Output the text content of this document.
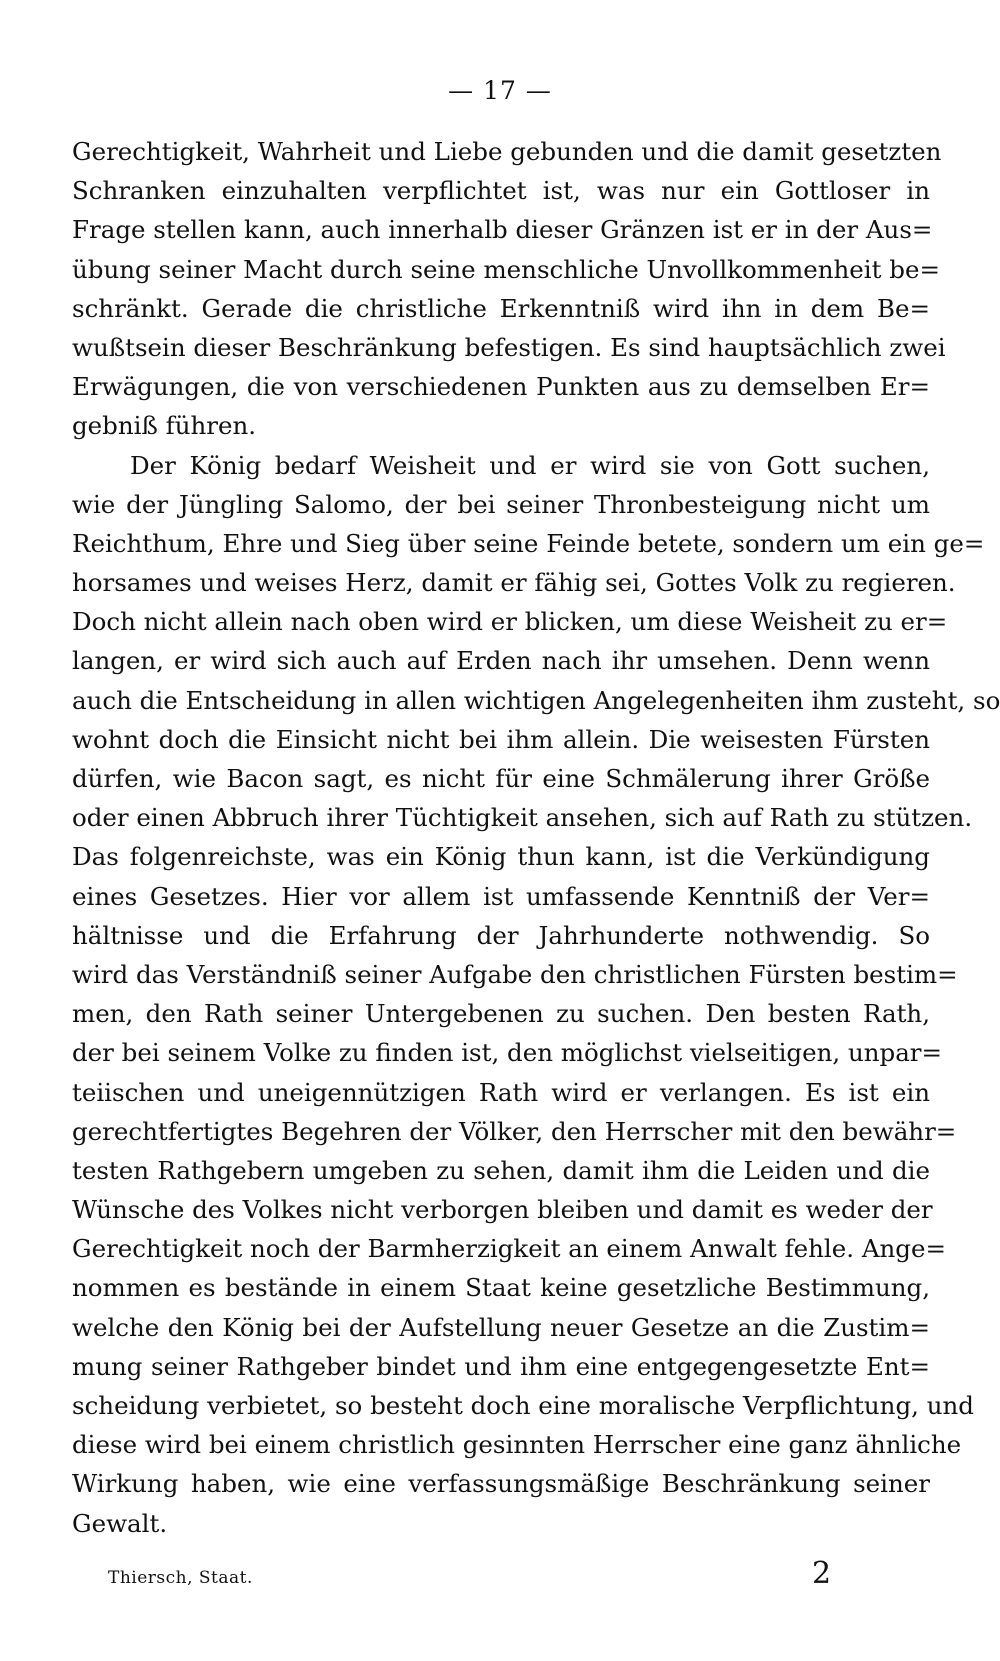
— 17 —
Gerechtigkeit, Wahrheit und Liebe gebunden und die damit gesetzten
Schranken einzuhalten verpflichtet ist, was nur ein Gottloser in
Frage stellen kann, auch innerhalb dieser Gränzen ist er in der Aus=
übung seiner Macht durch seine menschliche Unvollkommenheit be=
schränkt. Gerade die christliche Erkenntniß wird ihn in dem Be=
wußtsein dieser Beschränkung befestigen. Es sind hauptsächlich zwei
Erwägungen, die von verschiedenen Punkten aus zu demselben Er=
gebniß führen.
Der König bedarf Weisheit und er wird sie von Gott suchen,
wie der Jüngling Salomo, der bei seiner Thronbesteigung nicht um
Reichthum, Ehre und Sieg über seine Feinde betete, sondern um ein ge=
horsames und weises Herz, damit er fähig sei, Gottes Volk zu regieren.
Doch nicht allein nach oben wird er blicken, um diese Weisheit zu er=
langen, er wird sich auch auf Erden nach ihr umsehen. Denn wenn
auch die Entscheidung in allen wichtigen Angelegenheiten ihm zusteht, so
wohnt doch die Einsicht nicht bei ihm allein. Die weisesten Fürsten
dürfen, wie Bacon sagt, es nicht für eine Schmälerung ihrer Größe
oder einen Abbruch ihrer Tüchtigkeit ansehen, sich auf Rath zu stützen.
Das folgenreichste, was ein König thun kann, ist die Verkündigung
eines Gesetzes. Hier vor allem ist umfassende Kenntniß der Ver=
hältnisse und die Erfahrung der Jahrhunderte nothwendig. So
wird das Verständniß seiner Aufgabe den christlichen Fürsten bestim=
men, den Rath seiner Untergebenen zu suchen. Den besten Rath,
der bei seinem Volke zu finden ist, den möglichst vielseitigen, unpar=
teiischen und uneigennützigen Rath wird er verlangen. Es ist ein
gerechtfertigtes Begehren der Völker, den Herrscher mit den bewähr=
testen Rathgebern umgeben zu sehen, damit ihm die Leiden und die
Wünsche des Volkes nicht verborgen bleiben und damit es weder der
Gerechtigkeit noch der Barmherzigkeit an einem Anwalt fehle. Ange=
nommen es bestände in einem Staat keine gesetzliche Bestimmung,
welche den König bei der Aufstellung neuer Gesetze an die Zustim=
mung seiner Rathgeber bindet und ihm eine entgegengesetzte Ent=
scheidung verbietet, so besteht doch eine moralische Verpflichtung, und
diese wird bei einem christlich gesinnten Herrscher eine ganz ähnliche
Wirkung haben, wie eine verfassungsmäßige Beschränkung seiner
Gewalt.
Thiersch, Staat.	2
